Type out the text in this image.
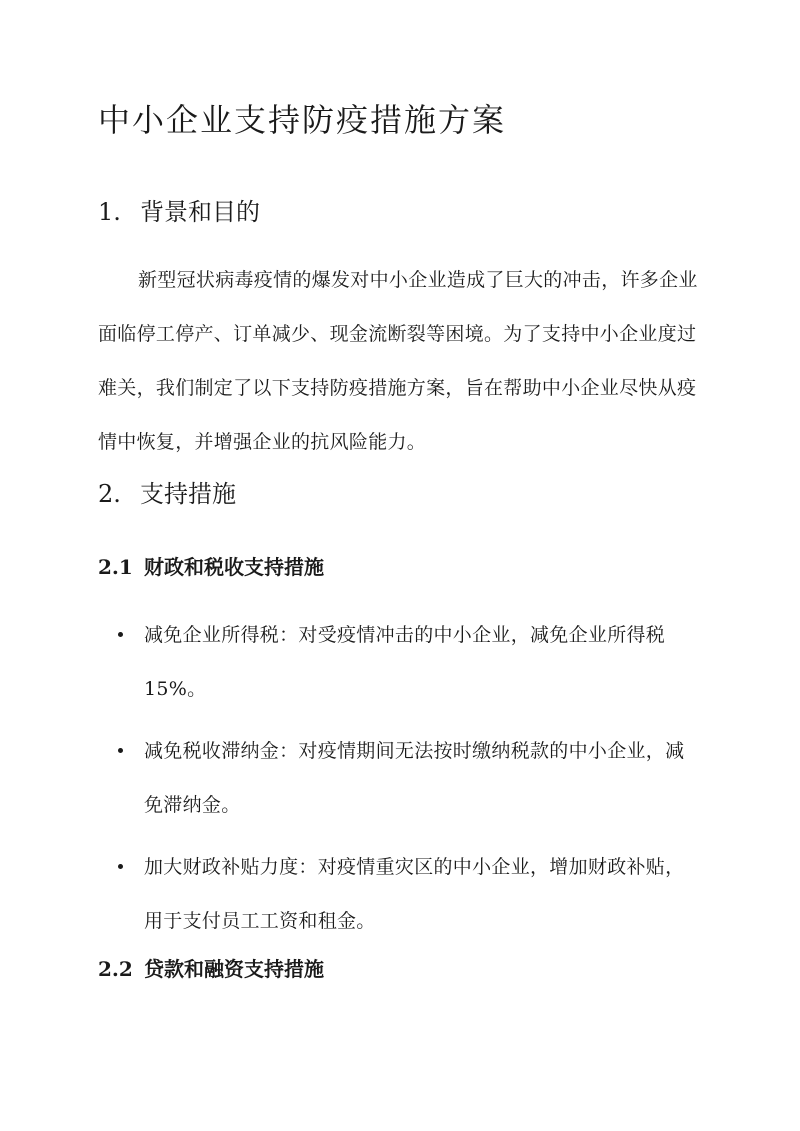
中小企业支持防疫措施方案
1. 背景和目的

新型冠状病毒疫情的爆发对中小企业造成了巨大的冲击，许多企业面临停工停产、订单减少、现金流断裂等困境。为了支持中小企业度过难关，我们制定了以下支持防疫措施方案，旨在帮助中小企业尽快从疫情中恢复，并增强企业的抗风险能力。

2. 支持措施
2.1 财政和税收支持措施
减免企业所得税：对受疫情冲击的中小企业，减免企业所得税15%。
减免税收滞纳金：对疫情期间无法按时缴纳税款的中小企业，减免滞纳金。
加大财政补贴力度：对疫情重灾区的中小企业，增加财政补贴，用于支付员工工资和租金。
2.2 贷款和融资支持措施
